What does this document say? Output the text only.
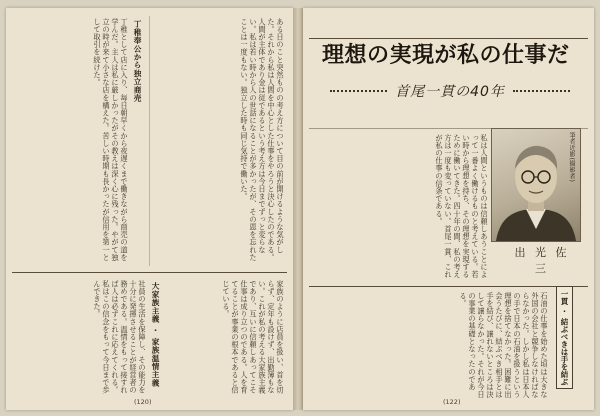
ある日のこと突然ものの考え方について目の前が開けるような気がした。それから私は人間を中心とした仕事をやろうと決心したのである。人間が主体であり金は従であるという考え方は今日までずっと変らない。私は若い時から人の世話になることが多かったが、その恩を忘れたことは一度もない。独立した時も同じ気持で働いた。
丁稚奉公から独立商売
丁稚として店に入り、毎日朝早くから夜遅くまで働きながら商売の道を学んだ。主人は私に厳しかったがその教えは深く心に残った。やがて独立の時が来て小さな店を構えた。苦しい時期も長かったが信用を第一として取引を続けた。
家族のように店員を扱い、首を切らず、定年も設けず、出勤簿もない。これが私の考える大家族主義であり、互いに信頼しあってこそ仕事は成り立つのである。人を育てることが事業の根本であると信じている。
大家族主義 ・ 家族温情主義
社員の生活を保障し、その能力を十分に発揮させることが経営者の務めである。温情をもって接すれば人は必ずこれに応えてくれる。私はこの信念をもって今日まで歩んできた。
(120)
私は人間というものは信頼しあうことによって一番よく働けるものと考えている。若い時から理想を持ち、その理想を実現するために働いてきた。四十年の間、私の考え方は一度も変っていない。首尾一貫、これが私の仕事の信条である。
石油の仕事を始めた頃は大きな外国の会社と競争しなければならなかった。しかし私は日本人の手で日本の石油を扱うという理想を捨てなかった。困難に出会うたびに、結ぶべき相手とは手を結び、譲れないところは決して譲らなかった。それが今日の事業の基礎となったのである。
(122)
理想の実現が私の仕事だ
首尾一貫の40年
筆者近影(撮影者)
出 光 佐 三
一貫 ・ 結ぶべきは手を結ぶ
